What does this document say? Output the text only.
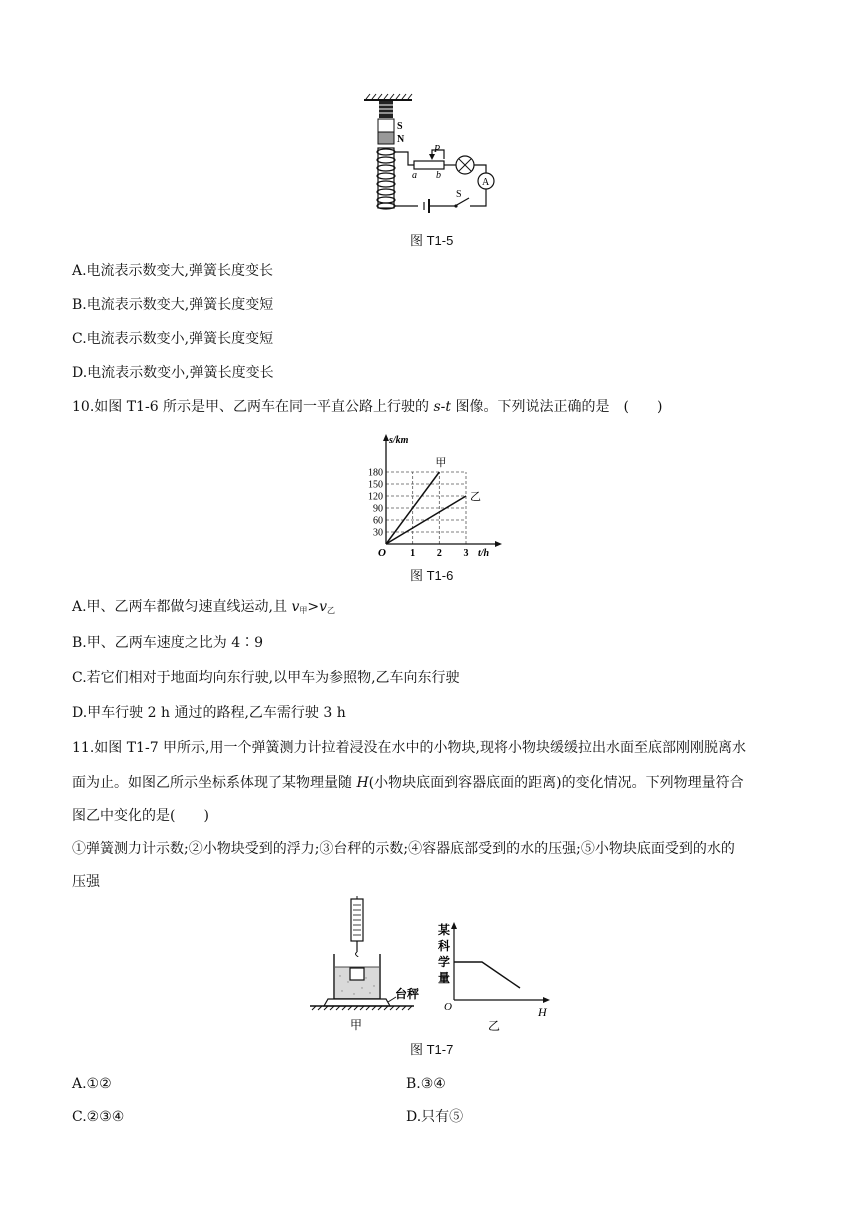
S
N
P
a b
A
S
图 T1-5
A.电流表示数变大,弹簧长度变长
B.电流表示数变大,弹簧长度变短
C.电流表示数变小,弹簧长度变短
D.电流表示数变小,弹簧长度变长
10.如图 T1-6 所示是甲、乙两车在同一平直公路上行驶的 s-t 图像。下列说法正确的是　(　　)
30
60
90
120
150
180
1 2 3
s/km
t/h
O
甲
乙
图 T1-6
A.甲、乙两车都做匀速直线运动,且 $v_甲>v_乙$
B.甲、乙两车速度之比为 4∶9
C.若它们相对于地面均向东行驶,以甲车为参照物,乙车向东行驶
D.甲车行驶 2 h 通过的路程,乙车需行驶 3 h
11.如图 T1-7 甲所示,用一个弹簧测力计拉着浸没在水中的小物块,现将小物块缓缓拉出水面至底部刚刚脱离水
面为止。如图乙所示坐标系体现了某物理量随 H(小物块底面到容器底面的距离)的变化情况。下列物理量符合
图乙中变化的是(　　)
①弹簧测力计示数;②小物块受到的浮力;③台秤的示数;④容器底部受到的水的压强;⑤小物块底面受到的水的
压强
台秤
甲
某
科
学
量
O	H
乙
图 T1-7
A.①②	B.③④
C.②③④	D.只有⑤
